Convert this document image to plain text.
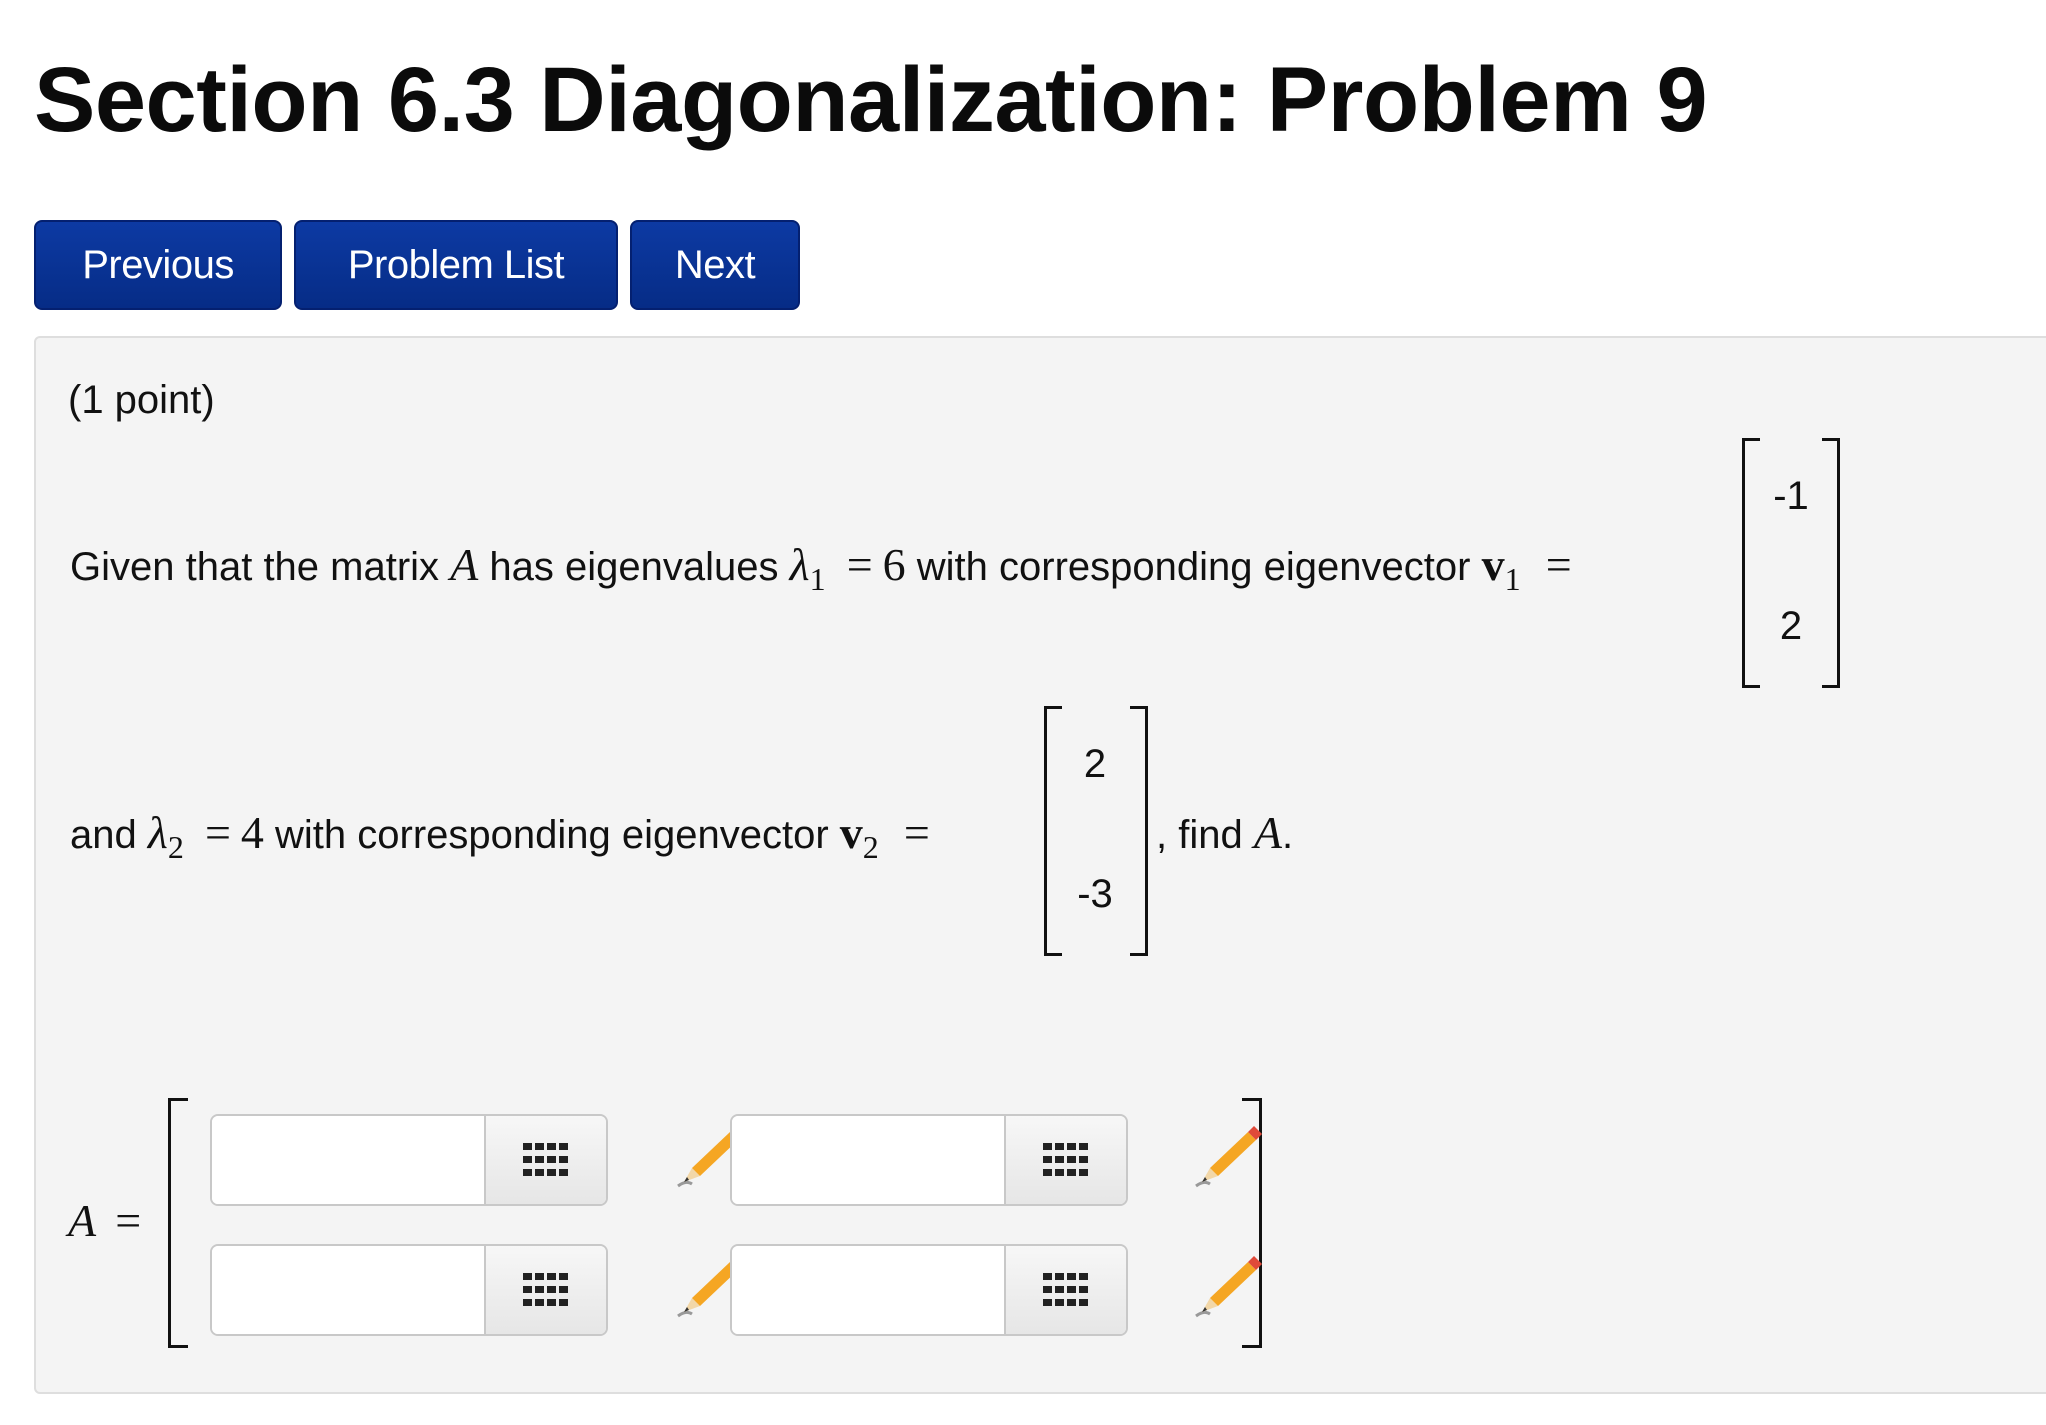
Section 6.3 Diagonalization: Problem 9
Previous	Problem List	Next
(1 point)
Given that the matrix A has eigenvalues $\lambda_1 = 6$ with corresponding eigenvector $v_1$ =
-1
2
and $\lambda_2 = 4$ with corresponding eigenvector $v_2$ =
2
-3
, find A.
A =
